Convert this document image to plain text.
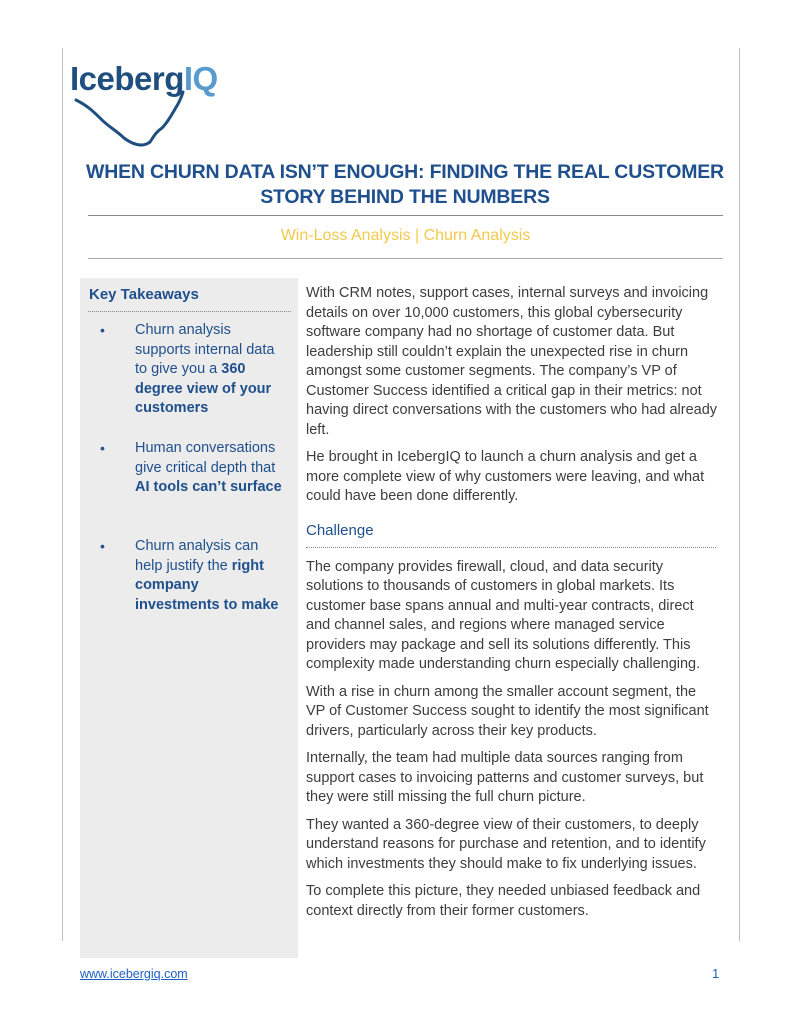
IcebergIQ
WHEN CHURN DATA ISN’T ENOUGH: FINDING THE REAL CUSTOMER STORY BEHIND THE NUMBERS
Win-Loss Analysis | Churn Analysis
Key Takeaways
• Churn analysis supports internal data to give you a 360 degree view of your customers
• Human conversations give critical depth that AI tools can’t surface
• Churn analysis can help justify the right company investments to make

With CRM notes, support cases, internal surveys and invoicing details on over 10,000 customers, this global cybersecurity software company had no shortage of customer data. But leadership still couldn’t explain the unexpected rise in churn amongst some customer segments. The company’s VP of Customer Success identified a critical gap in their metrics: not having direct conversations with the customers who had already left.

He brought in IcebergIQ to launch a churn analysis and get a more complete view of why customers were leaving, and what could have been done differently.

Challenge

The company provides firewall, cloud, and data security solutions to thousands of customers in global markets. Its customer base spans annual and multi-year contracts, direct and channel sales, and regions where managed service providers may package and sell its solutions differently. This complexity made understanding churn especially challenging.

With a rise in churn among the smaller account segment, the VP of Customer Success sought to identify the most significant drivers, particularly across their key products.

Internally, the team had multiple data sources ranging from support cases to invoicing patterns and customer surveys, but they were still missing the full churn picture.

They wanted a 360-degree view of their customers, to deeply understand reasons for purchase and retention, and to identify which investments they should make to fix underlying issues.

To complete this picture, they needed unbiased feedback and context directly from their former customers.

www.icebergiq.com	1
